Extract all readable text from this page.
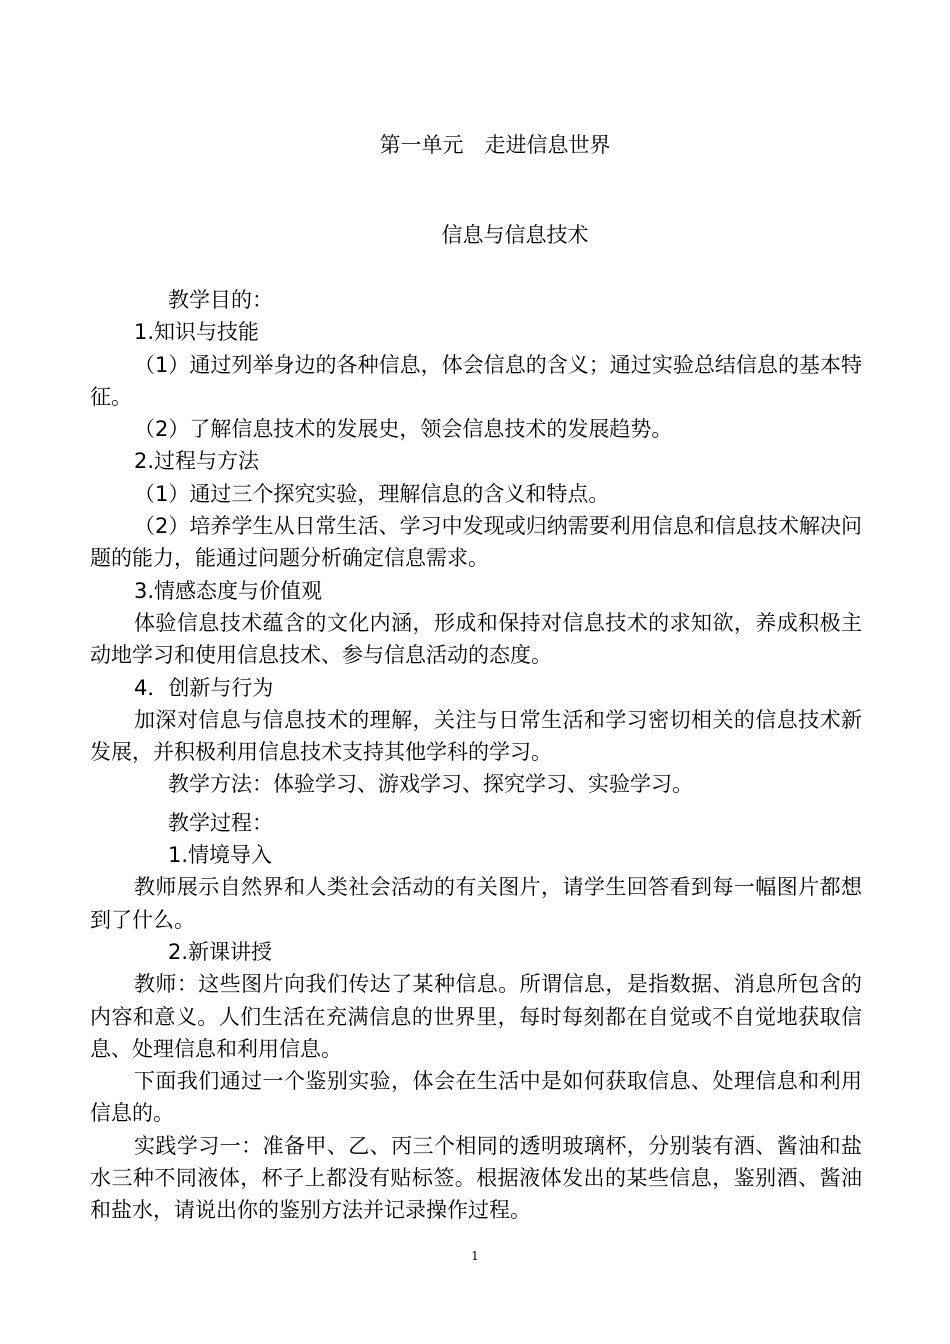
第一单元　走进信息世界
信息与信息技术

教学目的：

1.知识与技能

（1）通过列举身边的各种信息，体会信息的含义；通过实验总结信息的基本特征。

（2）了解信息技术的发展史，领会信息技术的发展趋势。

2.过程与方法

（1）通过三个探究实验，理解信息的含义和特点。

（2）培养学生从日常生活、学习中发现或归纳需要利用信息和信息技术解决问题的能力，能通过问题分析确定信息需求。

3.情感态度与价值观

体验信息技术蕴含的文化内涵，形成和保持对信息技术的求知欲，养成积极主动地学习和使用信息技术、参与信息活动的态度。

4．创新与行为

加深对信息与信息技术的理解，关注与日常生活和学习密切相关的信息技术新发展，并积极利用信息技术支持其他学科的学习。

教学方法：体验学习、游戏学习、探究学习、实验学习。

教学过程：

1.情境导入

教师展示自然界和人类社会活动的有关图片，请学生回答看到每一幅图片都想到了什么。

2.新课讲授

教师：这些图片向我们传达了某种信息。所谓信息，是指数据、消息所包含的内容和意义。人们生活在充满信息的世界里，每时每刻都在自觉或不自觉地获取信息、处理信息和利用信息。

下面我们通过一个鉴别实验，体会在生活中是如何获取信息、处理信息和利用信息的。

实践学习一：准备甲、乙、丙三个相同的透明玻璃杯，分别装有酒、酱油和盐水三种不同液体，杯子上都没有贴标签。根据液体发出的某些信息，鉴别酒、酱油和盐水，请说出你的鉴别方法并记录操作过程。

1
